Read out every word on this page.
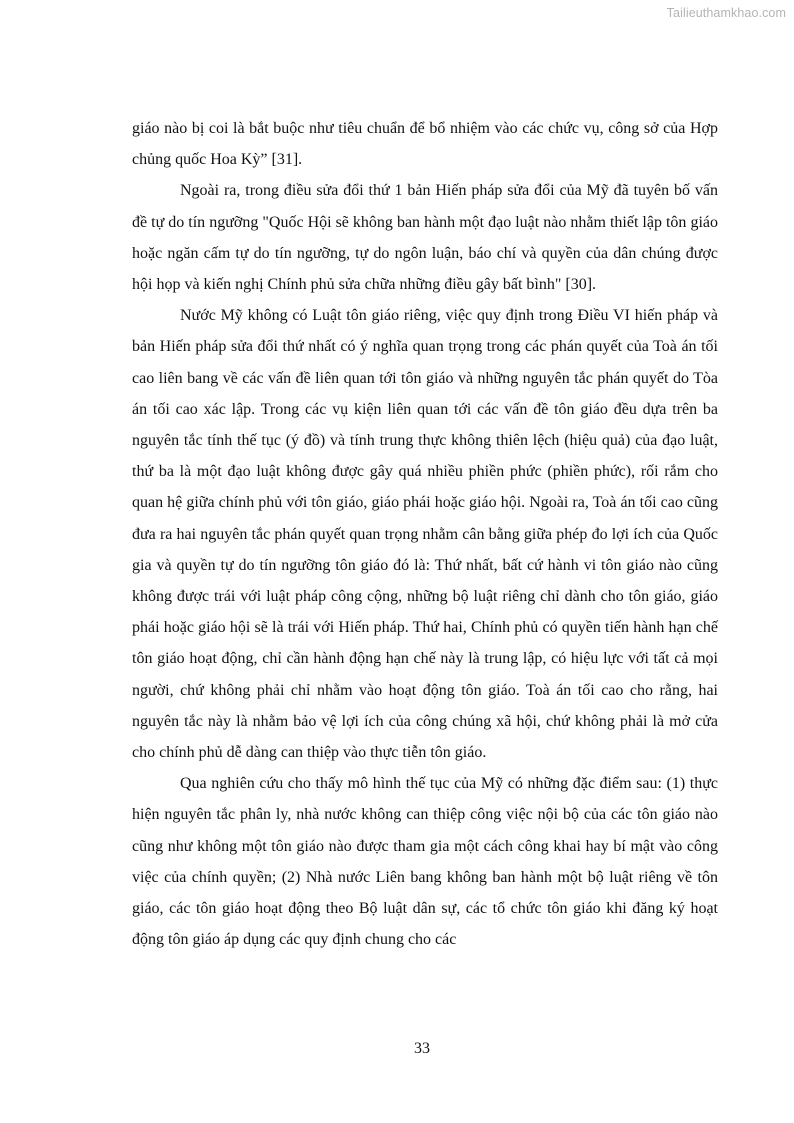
Tailieuthamkhao.com

giáo nào bị coi là bắt buộc như tiêu chuẩn để bổ nhiệm vào các chức vụ, công sở của Hợp chủng quốc Hoa Kỳ” [31].

Ngoài ra, trong điều sửa đổi thứ 1 bản Hiến pháp sửa đổi của Mỹ đã tuyên bố vấn đề tự do tín ngưỡng "Quốc Hội sẽ không ban hành một đạo luật nào nhằm thiết lập tôn giáo hoặc ngăn cấm tự do tín ngưỡng, tự do ngôn luận, báo chí và quyền của dân chúng được hội họp và kiến nghị Chính phủ sửa chữa những điều gây bất bình" [30].

Nước Mỹ không có Luật tôn giáo riêng, việc quy định trong Điều VI hiến pháp và bản Hiến pháp sửa đổi thứ nhất có ý nghĩa quan trọng trong các phán quyết của Toà án tối cao liên bang về các vấn đề liên quan tới tôn giáo và những nguyên tắc phán quyết do Tòa án tối cao xác lập. Trong các vụ kiện liên quan tới các vấn đề tôn giáo đều dựa trên ba nguyên tắc tính thế tục (ý đồ) và tính trung thực không thiên lệch (hiệu quả) của đạo luật, thứ ba là một đạo luật không được gây quá nhiều phiền phức (phiền phức), rối rắm cho quan hệ giữa chính phủ với tôn giáo, giáo phái hoặc giáo hội. Ngoài ra, Toà án tối cao cũng đưa ra hai nguyên tắc phán quyết quan trọng nhằm cân bằng giữa phép đo lợi ích của Quốc gia và quyền tự do tín ngưỡng tôn giáo đó là: Thứ nhất, bất cứ hành vi tôn giáo nào cũng không được trái với luật pháp công cộng, những bộ luật riêng chỉ dành cho tôn giáo, giáo phái hoặc giáo hội sẽ là trái với Hiến pháp. Thứ hai, Chính phủ có quyền tiến hành hạn chế tôn giáo hoạt động, chỉ cần hành động hạn chế này là trung lập, có hiệu lực với tất cả mọi người, chứ không phải chỉ nhằm vào hoạt động tôn giáo. Toà án tối cao cho rằng, hai nguyên tắc này là nhằm bảo vệ lợi ích của công chúng xã hội, chứ không phải là mở cửa cho chính phủ dễ dàng can thiệp vào thực tiễn tôn giáo.

Qua nghiên cứu cho thấy mô hình thế tục của Mỹ có những đặc điểm sau: (1) thực hiện nguyên tắc phân ly, nhà nước không can thiệp công việc nội bộ của các tôn giáo nào cũng như không một tôn giáo nào được tham gia một cách công khai hay bí mật vào công việc của chính quyền; (2) Nhà nước Liên bang không ban hành một bộ luật riêng về tôn giáo, các tôn giáo hoạt động theo Bộ luật dân sự, các tổ chức tôn giáo khi đăng ký hoạt động tôn giáo áp dụng các quy định chung cho các

33
